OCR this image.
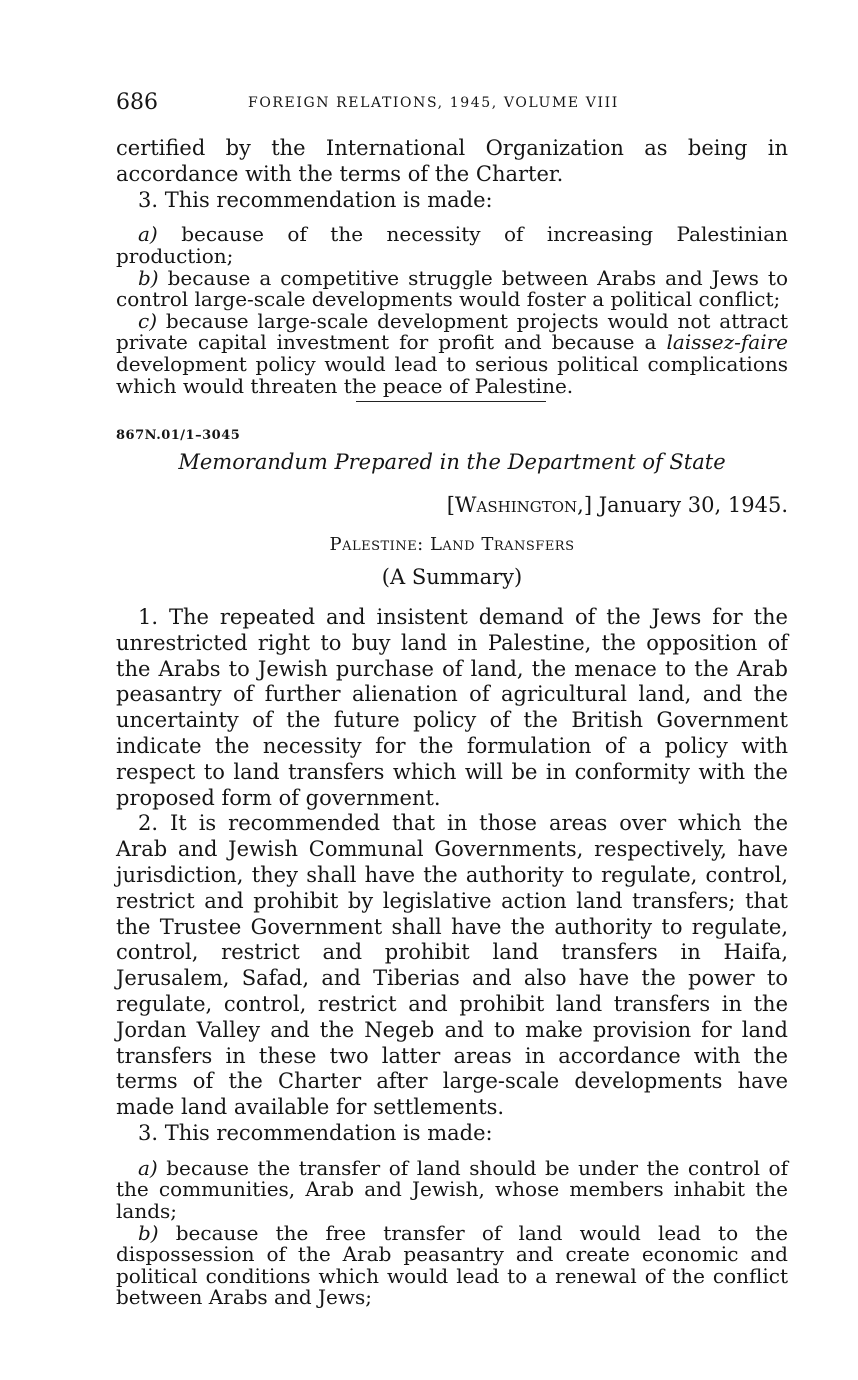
686	FOREIGN RELATIONS, 1945, VOLUME VIII

certified by the International Organization as being in accordance with the terms of the Charter.

3. This recommendation is made:

a) because of the necessity of increasing Palestinian production;

b) because a competitive struggle between Arabs and Jews to control large-scale developments would foster a political conflict;

c) because large-scale development projects would not attract private capital investment for profit and because a laissez-faire development policy would lead to serious political complications which would threaten the peace of Palestine.

867N.01/1–3045
Memorandum Prepared in the Department of State
[Washington,] January 30, 1945.
Palestine: Land Transfers
(A Summary)

1. The repeated and insistent demand of the Jews for the unrestricted right to buy land in Palestine, the opposition of the Arabs to Jewish purchase of land, the menace to the Arab peasantry of further alienation of agricultural land, and the uncertainty of the future policy of the British Government indicate the necessity for the formulation of a policy with respect to land transfers which will be in conformity with the proposed form of government.

2. It is recommended that in those areas over which the Arab and Jewish Communal Governments, respectively, have jurisdiction, they shall have the authority to regulate, control, restrict and prohibit by legislative action land transfers; that the Trustee Government shall have the authority to regulate, control, restrict and prohibit land transfers in Haifa, Jerusalem, Safad, and Tiberias and also have the power to regulate, control, restrict and prohibit land transfers in the Jordan Valley and the Negeb and to make provision for land transfers in these two latter areas in accordance with the terms of the Charter after large-scale developments have made land available for settlements.

3. This recommendation is made:

a) because the transfer of land should be under the control of the communities, Arab and Jewish, whose members inhabit the lands;

b) because the free transfer of land would lead to the dispossession of the Arab peasantry and create economic and political conditions which would lead to a renewal of the conflict between Arabs and Jews;
